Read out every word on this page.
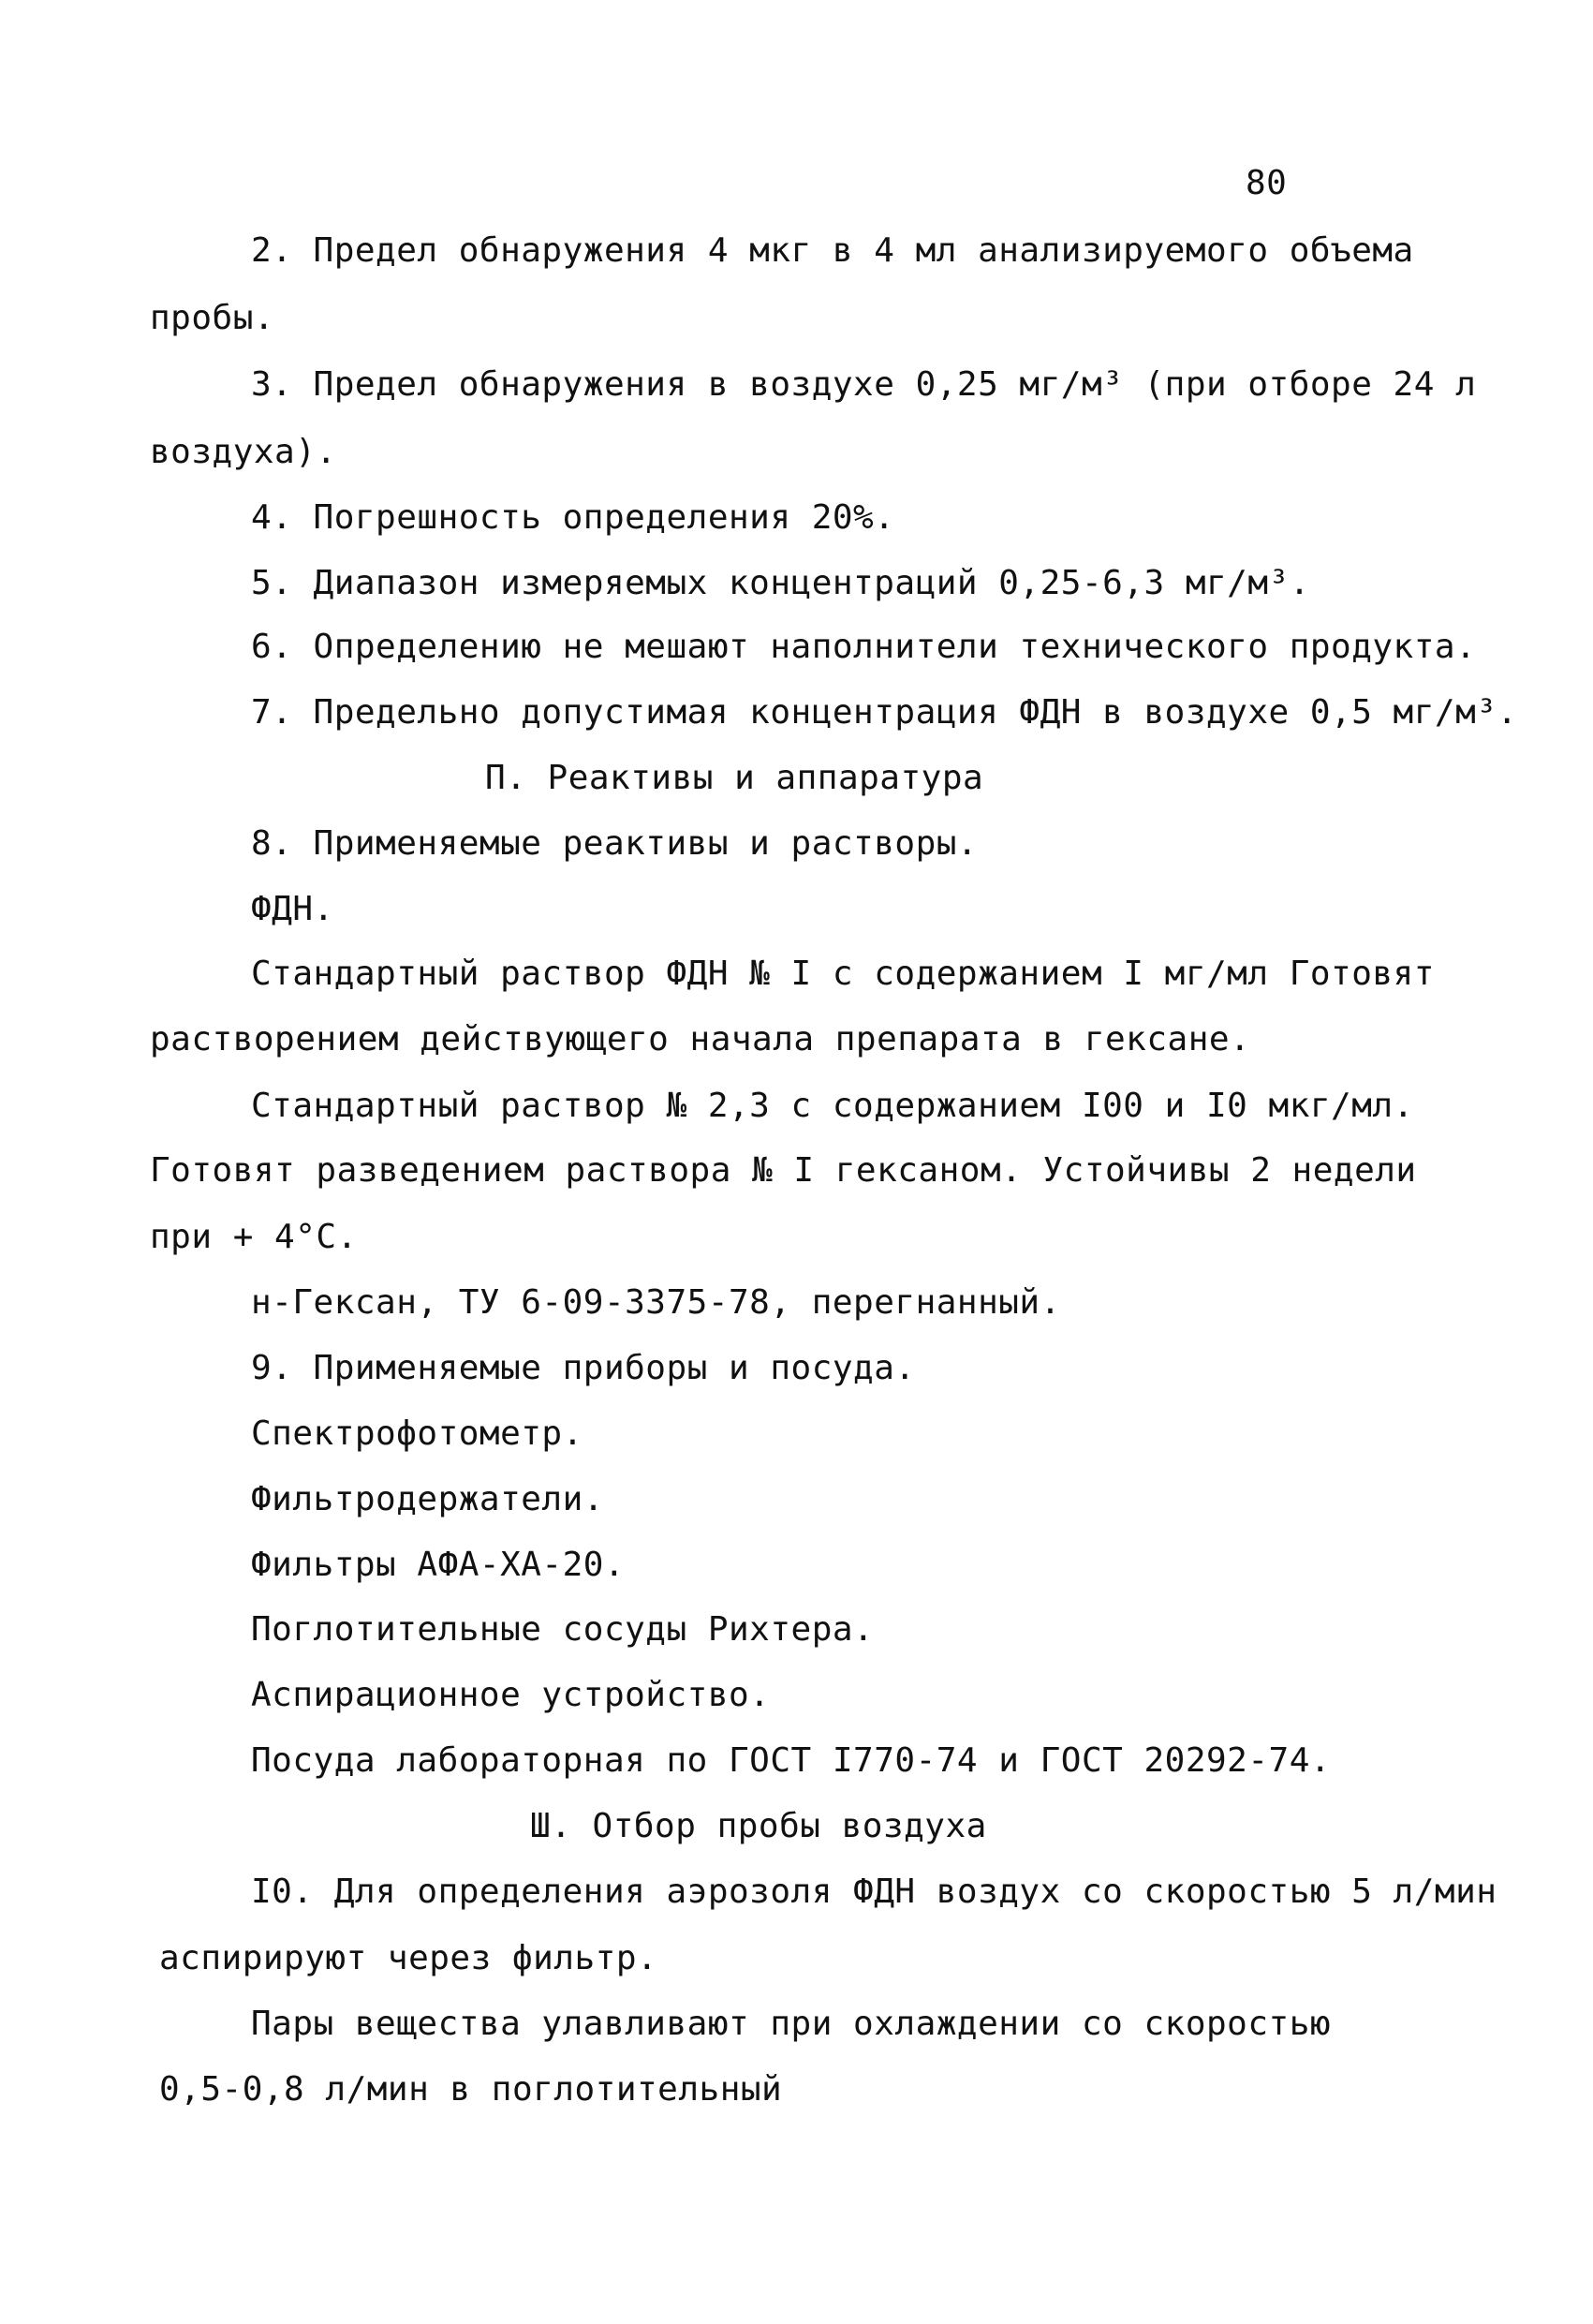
80
2. Предел обнаружения 4 мкг в 4 мл анализируемого объема
пробы.
3. Предел обнаружения в воздухе 0,25 мг/м³ (при отборе 24 л
воздуха).
4. Погрешность определения 20%.
5. Диапазон измеряемых концентраций 0,25-6,3 мг/м³.
6. Определению не мешают наполнители технического продукта.
7. Предельно допустимая концентрация ФДН в воздухе 0,5 мг/м³.
П. Реактивы и аппаратура
8. Применяемые реактивы и растворы.
ФДН.
Стандартный раствор ФДН № I с содержанием I мг/мл Готовят
растворением действующего начала препарата в гексане.
Стандартный раствор № 2,3 с содержанием I00 и I0 мкг/мл.
Готовят разведением раствора № I гексаном. Устойчивы 2 недели
при + 4°С.
н-Гексан, ТУ 6-09-3375-78, перегнанный.
9. Применяемые приборы и посуда.
Спектрофотометр.
Фильтродержатели.
Фильтры АФА-ХА-20.
Поглотительные сосуды Рихтера.
Аспирационное устройство.
Посуда лабораторная по ГОСТ I770-74 и ГОСТ 20292-74.
Ш. Отбор пробы воздуха
I0. Для определения аэрозоля ФДН воздух со скоростью 5 л/мин
аспирируют через фильтр.
Пары вещества улавливают при охлаждении со скоростью
0,5-0,8 л/мин в поглотительный
